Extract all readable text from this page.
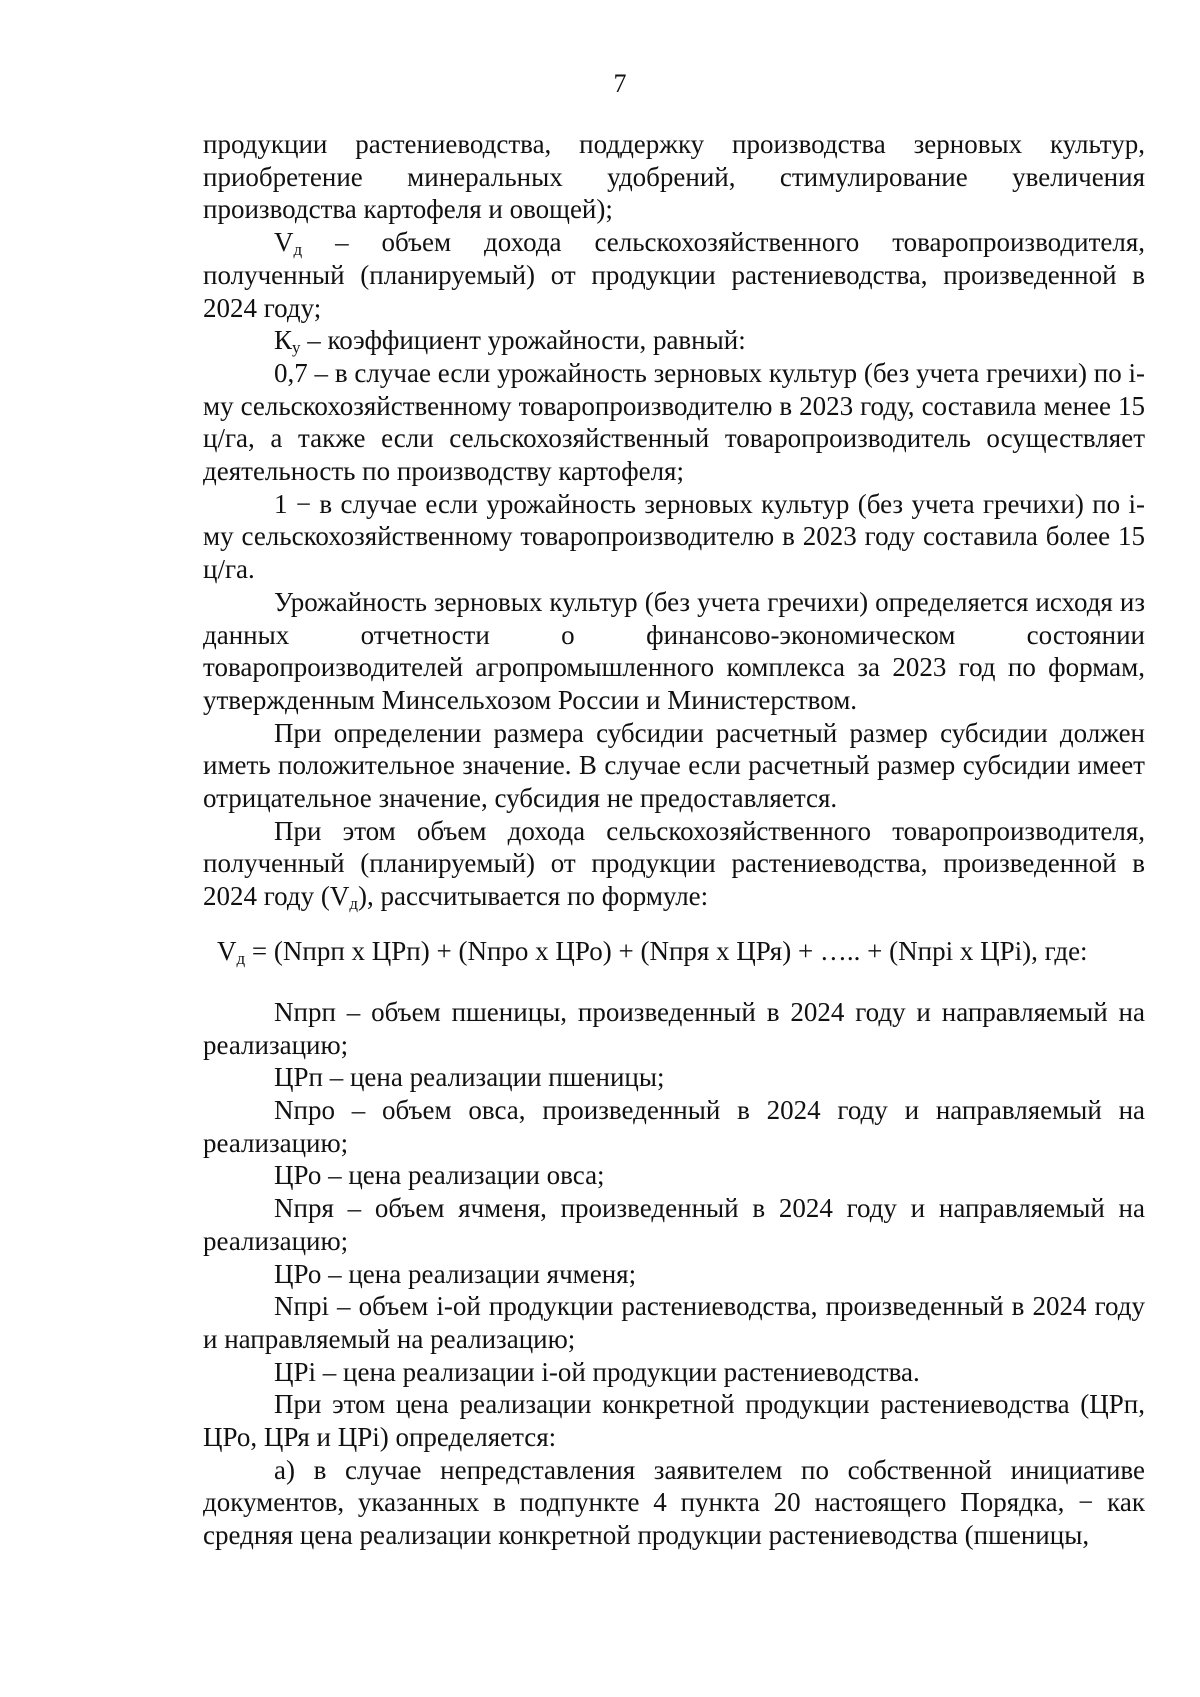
7

продукции растениеводства, поддержку производства зерновых культур, приобретение минеральных удобрений, стимулирование увеличения производства картофеля и овощей);

$V_д$ – объем дохода сельскохозяйственного товаропроизводителя, полученный (планируемый) от продукции растениеводства, произведенной в 2024 году;

$К_у$ – коэффициент урожайности, равный:

0,7 – в случае если урожайность зерновых культур (без учета гречихи) по i-му сельскохозяйственному товаропроизводителю в 2023 году, составила менее 15 ц/га, а также если сельскохозяйственный товаропроизводитель осуществляет деятельность по производству картофеля;

1 − в случае если урожайность зерновых культур (без учета гречихи) по i-му сельскохозяйственному товаропроизводителю в 2023 году составила более 15 ц/га.

Урожайность зерновых культур (без учета гречихи) определяется исходя из данных отчетности о финансово-экономическом состоянии товаропроизводителей агропромышленного комплекса за 2023 год по формам, утвержденным Минсельхозом России и Министерством.

При определении размера субсидии расчетный размер субсидии должен иметь положительное значение. В случае если расчетный размер субсидии имеет отрицательное значение, субсидия не предоставляется.

При этом объем дохода сельскохозяйственного товаропроизводителя, полученный (планируемый) от продукции растениеводства, произведенной в 2024 году $(V_д)$, рассчитывается по формуле:

$V_д$ = (Nпрп х ЦРп) + (Nпро х ЦРо) + (Nпря х ЦРя) + ….. + (Nпрi х ЦРi), где:

Nпрп – объем пшеницы, произведенный в 2024 году и направляемый на реализацию;

ЦРп – цена реализации пшеницы;

Nпро – объем овса, произведенный в 2024 году и направляемый на реализацию;

ЦРо – цена реализации овса;

Nпря – объем ячменя, произведенный в 2024 году и направляемый на реализацию;

ЦРо – цена реализации ячменя;

Nпрi – объем i-ой продукции растениеводства, произведенный в 2024 году и направляемый на реализацию;

ЦРi – цена реализации i-ой продукции растениеводства.

При этом цена реализации конкретной продукции растениеводства (ЦРп, ЦРо, ЦРя и ЦРi) определяется:

а) в случае непредставления заявителем по собственной инициативе документов, указанных в подпункте 4 пункта 20 настоящего Порядка, − как средняя цена реализации конкретной продукции растениеводства (пшеницы,
